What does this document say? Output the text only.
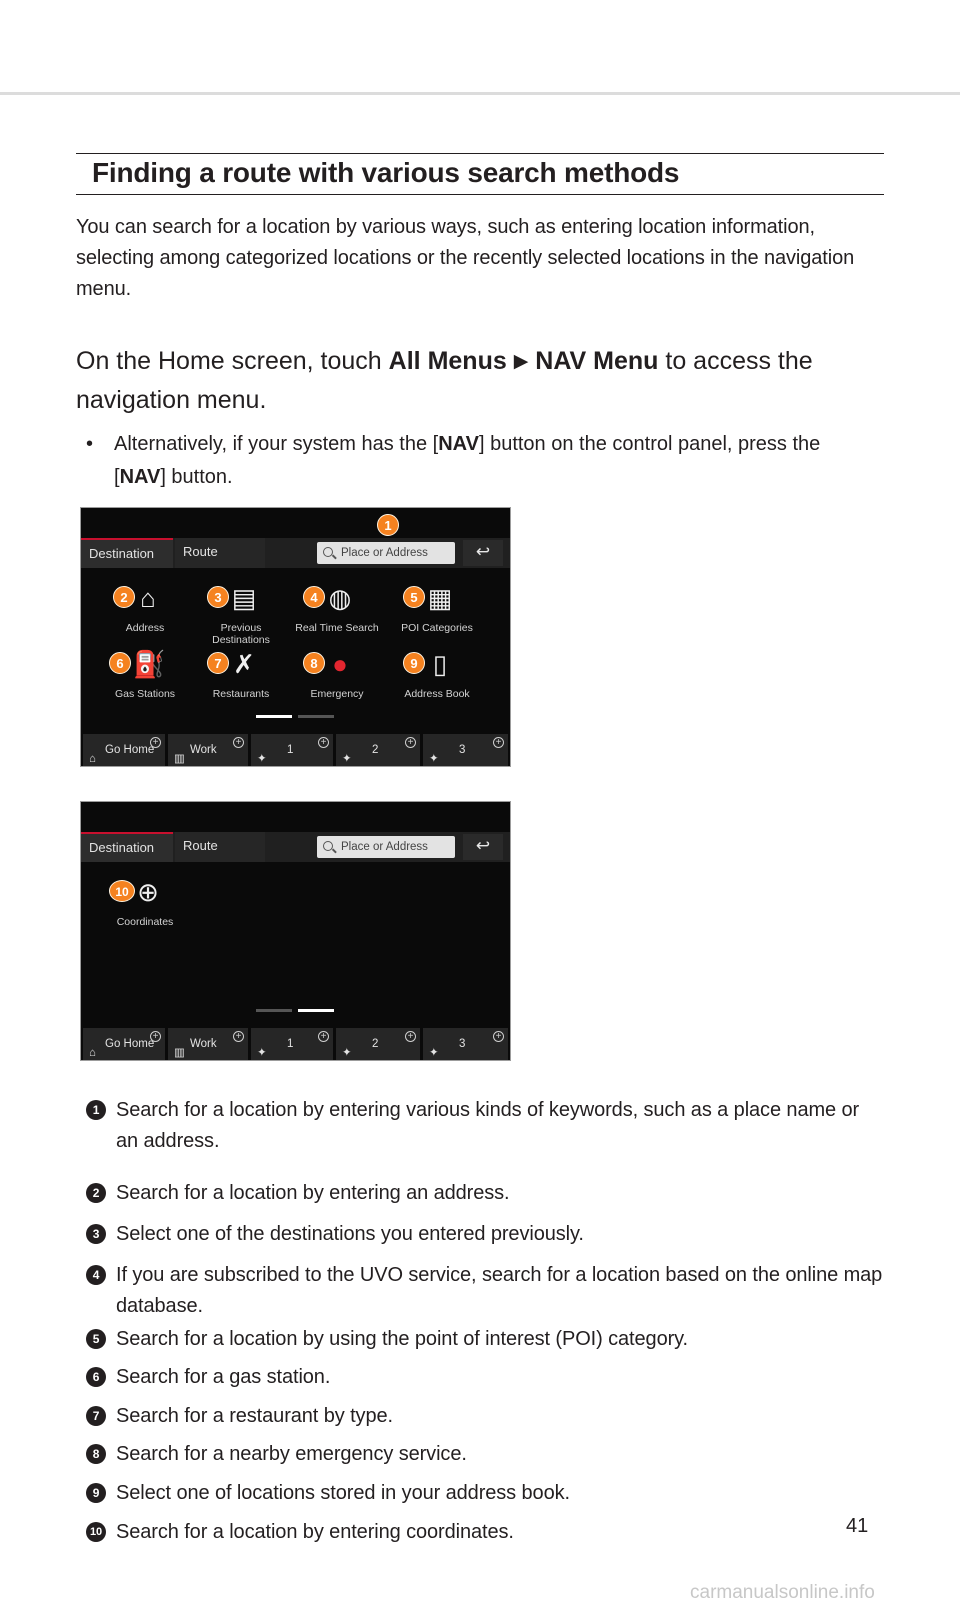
Finding a route with various search methods

You can search for a location by various ways, such as entering location information, selecting among categorized locations or the recently selected locations in the navigation menu.

On the Home screen, touch All Menus ▶ NAV Menu to access the navigation menu.

•	Alternatively, if your system has the [NAV] button on the control panel, press the [NAV] button.
Destination	Route	Place or Address
1
↩
⌂
2
Address
▤
3
Previous Destinations
◍
4
Real Time Search
▦
5
POI Categories
⛽
6
Gas Stations
✗
7
Restaurants
●
8
Emergency
▯
9
Address Book
⌂
Go Home
+
▥
Work
+
✦
1
+
✦
2
+
✦
3
+
Destination	Route	Place or Address	↩
⊕
10
Coordinates
⌂
Go Home
+
▥
Work
+
✦
1
+
✦
2
+
✦
3
+
1 Search for a location by entering various kinds of keywords, such as a place name or an address.
2 Search for a location by entering an address.
3 Select one of the destinations you entered previously.
4 If you are subscribed to the UVO service, search for a location based on the online map database.
5 Search for a location by using the point of interest (POI) category.
6 Search for a gas station.
7 Search for a restaurant by type.
8 Search for a nearby emergency service.
9 Select one of locations stored in your address book.
10 Search for a location by entering coordinates.	41
carmanualsonline.info
